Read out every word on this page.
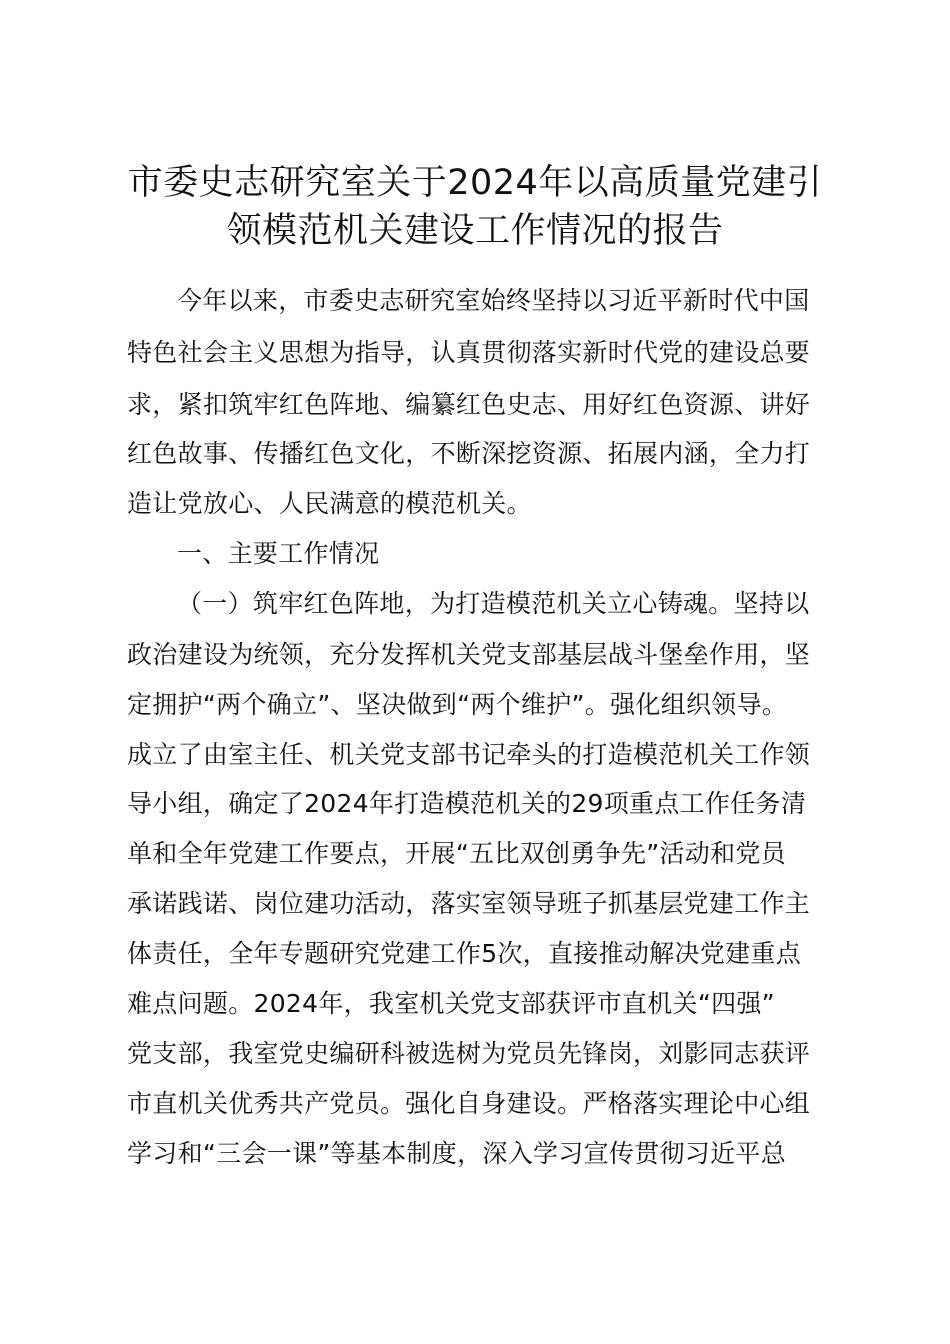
市委史志研究室关于2024年以高质量党建引
领模范机关建设工作情况的报告
今年以来，市委史志研究室始终坚持以习近平新时代中国
特色社会主义思想为指导，认真贯彻落实新时代党的建设总要
求，紧扣筑牢红色阵地、编纂红色史志、用好红色资源、讲好
红色故事、传播红色文化，不断深挖资源、拓展内涵，全力打
造让党放心、人民满意的模范机关。
一、主要工作情况
（一）筑牢红色阵地，为打造模范机关立心铸魂。坚持以
政治建设为统领，充分发挥机关党支部基层战斗堡垒作用，坚
定拥护“两个确立”、坚决做到“两个维护”。强化组织领导。
成立了由室主任、机关党支部书记牵头的打造模范机关工作领
导小组，确定了2024年打造模范机关的29项重点工作任务清
单和全年党建工作要点，开展“五比双创勇争先”活动和党员
承诺践诺、岗位建功活动，落实室领导班子抓基层党建工作主
体责任，全年专题研究党建工作5次，直接推动解决党建重点
难点问题。2024年，我室机关党支部获评市直机关“四强”
党支部，我室党史编研科被选树为党员先锋岗，刘影同志获评
市直机关优秀共产党员。强化自身建设。严格落实理论中心组
学习和“三会一课”等基本制度，深入学习宣传贯彻习近平总
